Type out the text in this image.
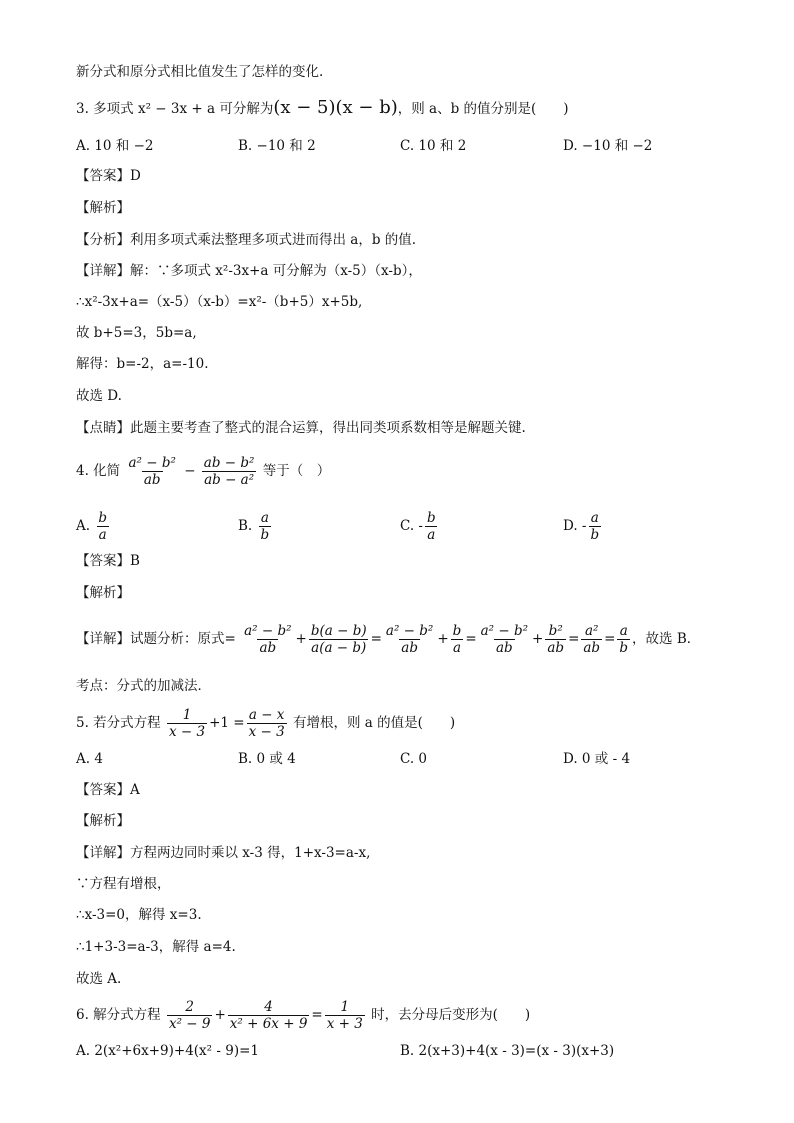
新分式和原分式相比值发生了怎样的变化.
3. 多项式 x² − 3x + a 可分解为(x − 5)(x − b)，则 a、b 的值分别是(　　)
A. 10 和 −2	B. −10 和 2	C. 10 和 2	D. −10 和 −2
【答案】D
【解析】
【分析】利用多项式乘法整理多项式进而得出 a，b 的值.
【详解】解：∵多项式 x²-3x+a 可分解为（x-5）（x-b），
∴x²-3x+a=（x-5）（x-b）=x²-（b+5）x+5b,
故 b+5=3，5b=a,
解得：b=-2，a=-10.
故选 D.
【点睛】此题主要考查了整式的混合运算，得出同类项系数相等是解题关键.
4. 化简 $\frac{\text{a² − b²}}{ab} - \frac{\text{ab − b²}}{\text{ab − a²}}$ 等于（　）
A. $\frac{b}{a}$	B. $\frac{a}{b}$	C. - $\frac{b}{a}$	D. - $\frac{a}{b}$
【答案】B
【解析】
【详解】试题分析：原式= $\frac{\text{a² − b²}}{ab} + \frac{b(a - b)}{a(a - b)} = \frac{\text{a² − b²}}{ab} + \frac{b}{a} = \frac{\text{a² − b²}}{ab} + \frac{\text{b²}}{ab} = \frac{\text{a²}}{ab} = \frac{a}{b}$ ，故选 B．
考点：分式的加减法．
5. 若分式方程 $\frac{1}{x - 3} +1 = \frac{a - x}{x - 3}$ 有增根，则 a 的值是(　　)
A. 4	B. 0 或 4	C. 0	D. 0 或 - 4
【答案】A
【解析】
【详解】方程两边同时乘以 x-3 得，1+x-3=a-x,
∵方程有增根，
∴x-3=0，解得 x=3.
∴1+3-3=a-3，解得 a=4.
故选 A.
6. 解分式方程 $\frac{2}{\text{x² − 9}} + \frac{4}{\text{x² + 6x + 9}} = \frac{1}{x + 3}$ 时，去分母后变形为(　　)
A. 2(x²+6x+9)+4(x² - 9)=1	B. 2(x+3)+4(x - 3)=(x - 3)(x+3)
